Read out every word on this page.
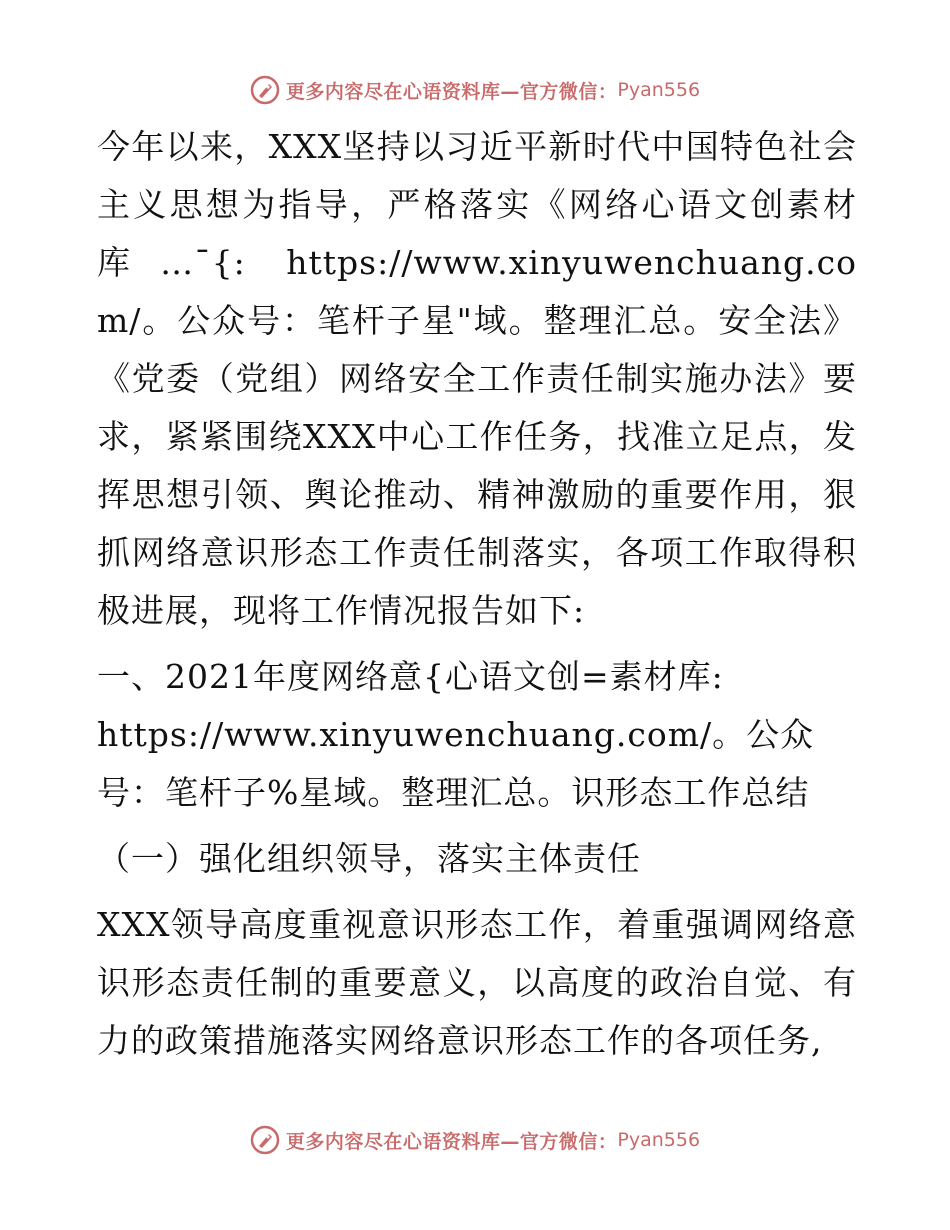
更多内容尽在心语资料库—官方微信： Pyan556

今年以来，XXX坚持以习近平新时代中国特色社会主义思想为指导，严格落实《网络心语文创素材库…¯{: https://www.xinyuwenchuang.com/。公众号：笔杆子星"域。整理汇总。安全法》《党委（党组）网络安全工作责任制实施办法》要求，紧紧围绕XXX中心工作任务，找准立足点，发挥思想引领、舆论推动、精神激励的重要作用，狠抓网络意识形态工作责任制落实，各项工作取得积极进展，现将工作情况报告如下:

一、2021年度网络意{心语文创=素材库: https://www.xinyuwenchuang.com/。公众号：笔杆子%星域。整理汇总。识形态工作总结

（一）强化组织领导，落实主体责任

XXX领导高度重视意识形态工作，着重强调网络意识形态责任制的重要意义，以高度的政治自觉、有力的政策措施落实网络意识形态工作的各项任务,

更多内容尽在心语资料库—官方微信： Pyan556
